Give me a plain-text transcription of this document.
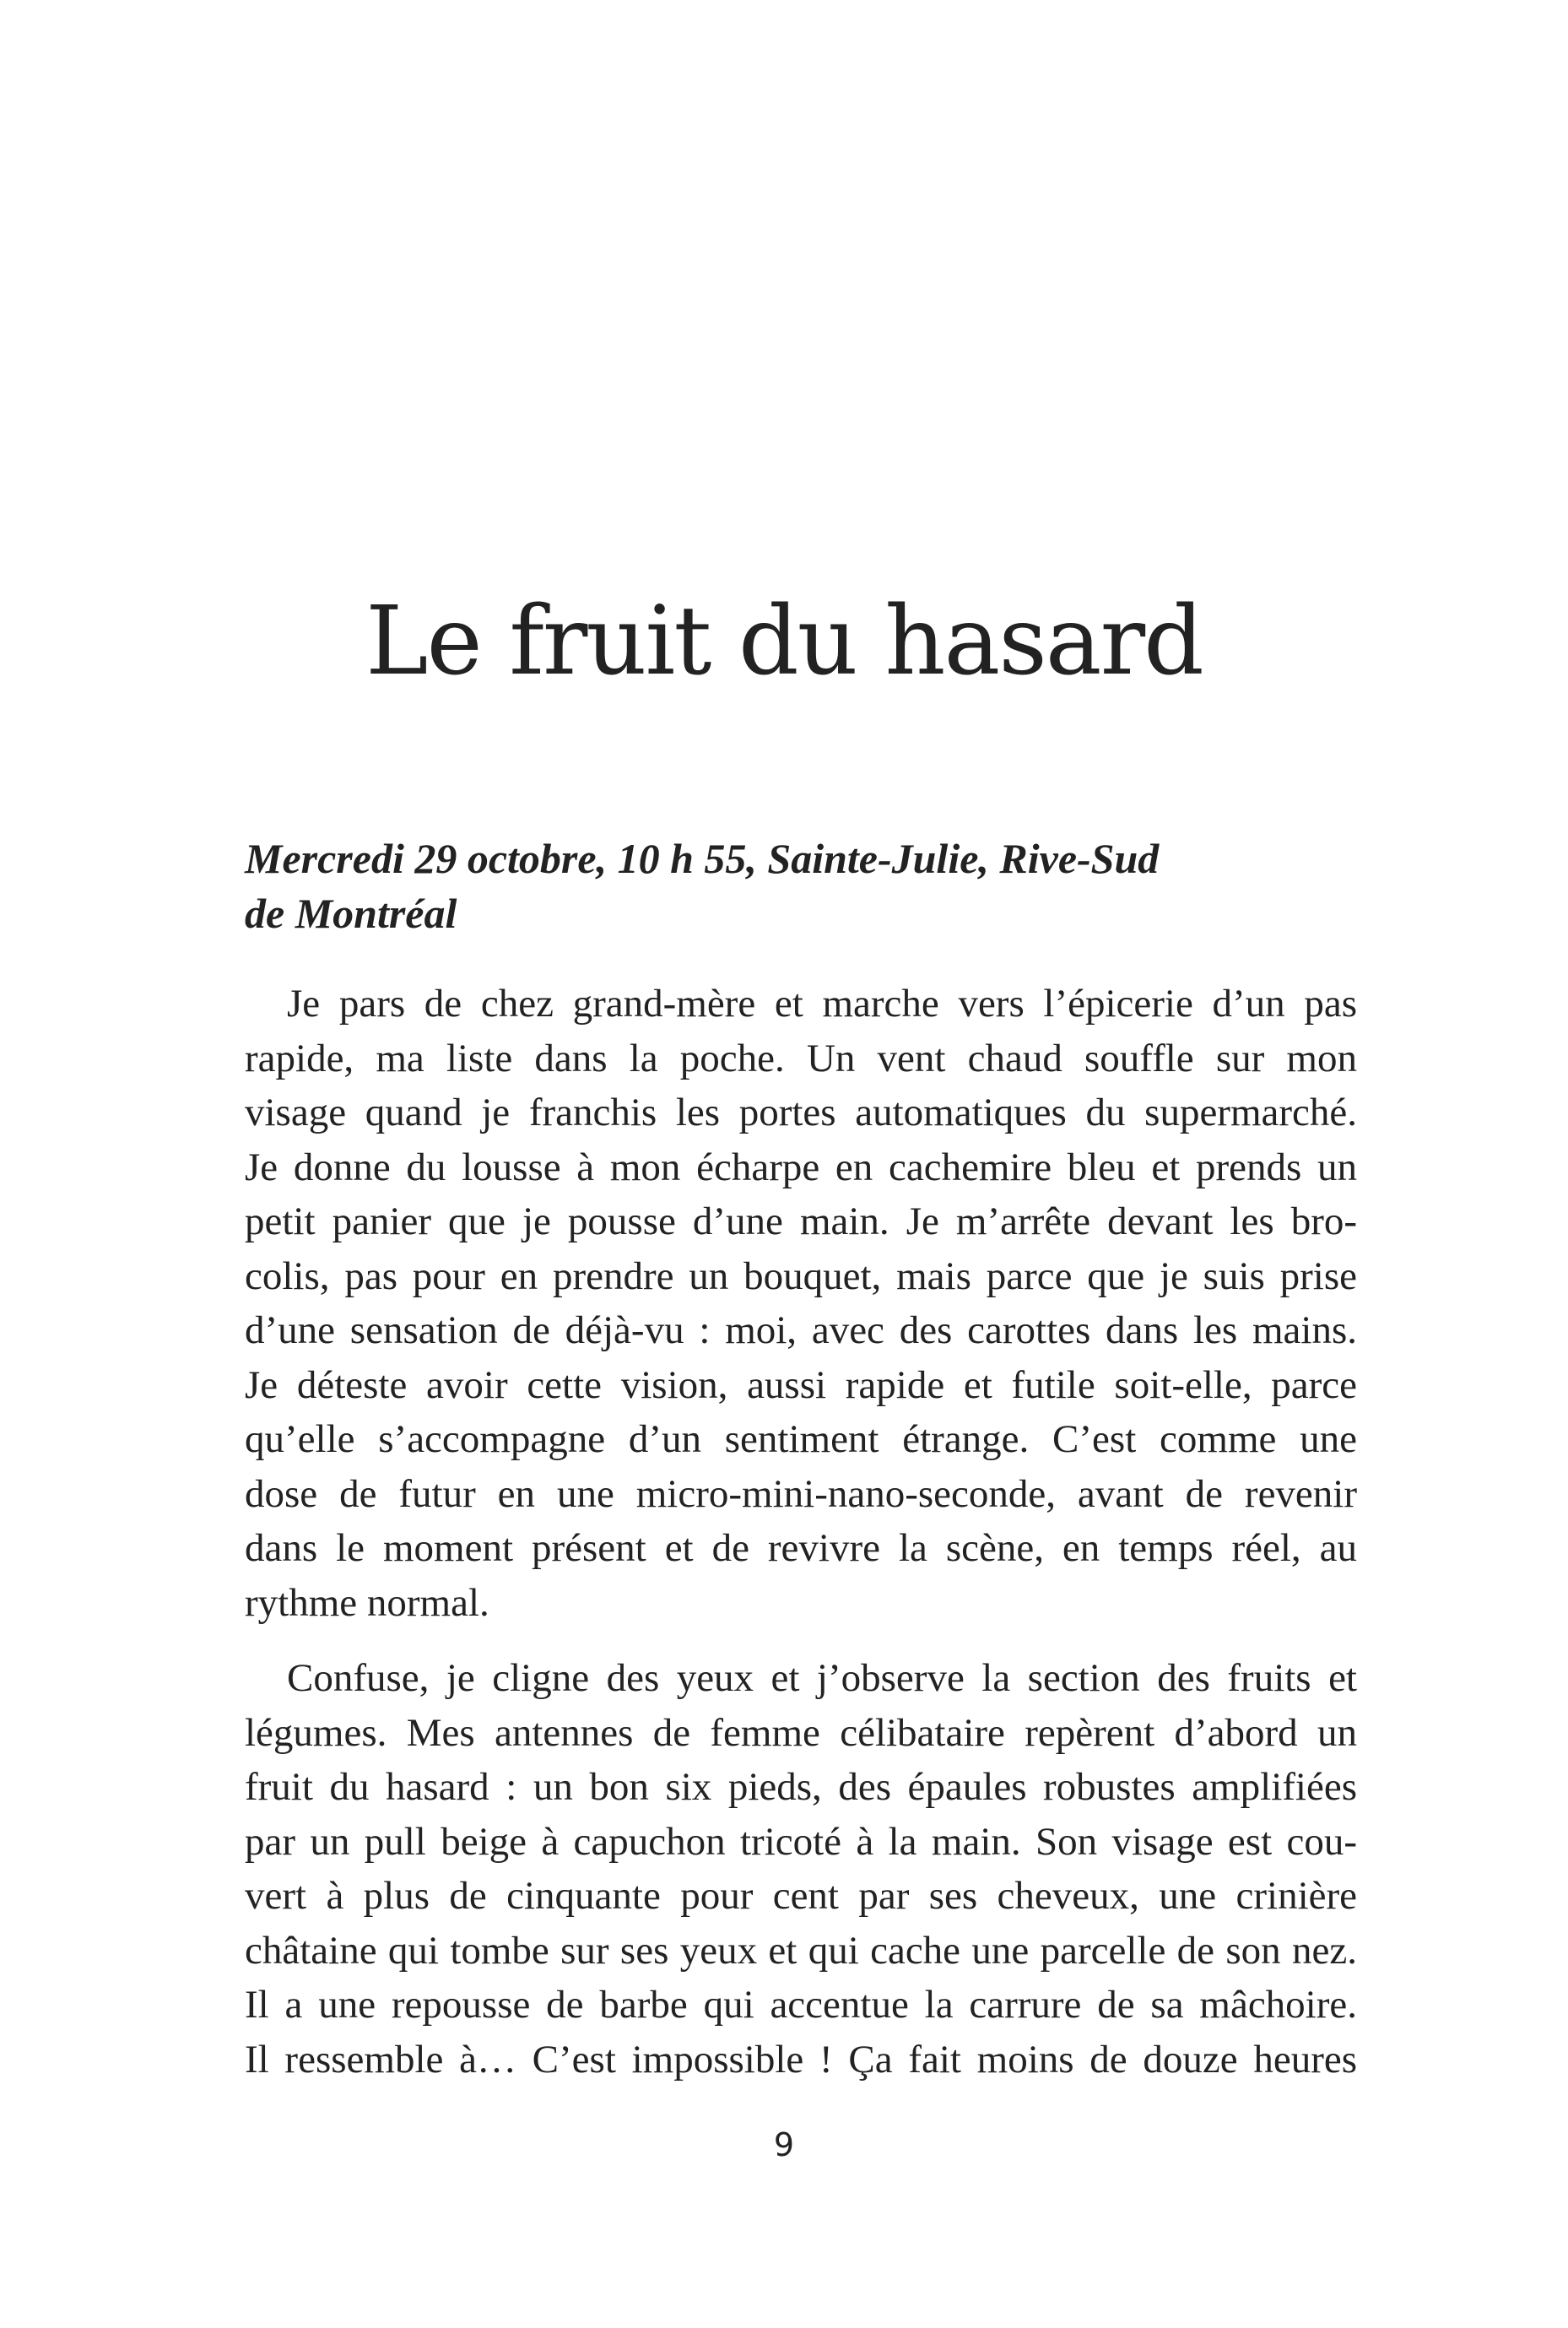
Le fruit du hasard

Mercredi 29 octobre, 10 h 55, Sainte-Julie, Rive-Sud
de Montréal

Je pars de chez grand-mère et marche vers l’épicerie d’un pas
rapide, ma liste dans la poche. Un vent chaud souffle sur mon
visage quand je franchis les portes automatiques du supermarché.
Je donne du lousse à mon écharpe en cachemire bleu et prends un
petit panier que je pousse d’une main. Je m’arrête devant les bro-
colis, pas pour en prendre un bouquet, mais parce que je suis prise
d’une sensation de déjà-vu : moi, avec des carottes dans les mains.
Je déteste avoir cette vision, aussi rapide et futile soit-elle, parce
qu’elle s’accompagne d’un sentiment étrange. C’est comme une
dose de futur en une micro-mini-nano-seconde, avant de revenir
dans le moment présent et de revivre la scène, en temps réel, au
rythme normal.

Confuse, je cligne des yeux et j’observe la section des fruits et
légumes. Mes antennes de femme célibataire repèrent d’abord un
fruit du hasard : un bon six pieds, des épaules robustes amplifiées
par un pull beige à capuchon tricoté à la main. Son visage est cou-
vert à plus de cinquante pour cent par ses cheveux, une crinière
châtaine qui tombe sur ses yeux et qui cache une parcelle de son nez.
Il a une repousse de barbe qui accentue la carrure de sa mâchoire.
Il ressemble à… C’est impossible ! Ça fait moins de douze heures

9
